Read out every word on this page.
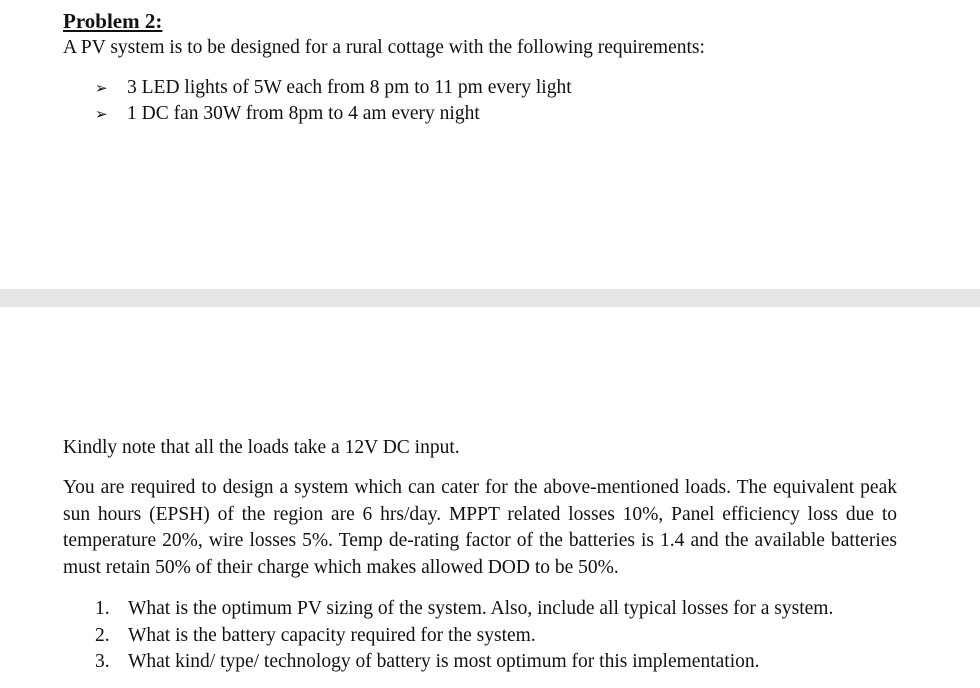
Problem 2:

A PV system is to be designed for a rural cottage with the following requirements:

➢ 3 LED lights of 5W each from 8 pm to 11 pm every light
➢ 1 DC fan 30W from 8pm to 4 am every night

Kindly note that all the loads take a 12V DC input.

You are required to design a system which can cater for the above-mentioned loads. The equivalent peak sun hours (EPSH) of the region are 6 hrs/day. MPPT related losses 10%, Panel efficiency loss due to temperature 20%, wire losses 5%. Temp de-rating factor of the batteries is 1.4 and the available batteries must retain 50% of their charge which makes allowed DOD to be 50%.

1. What is the optimum PV sizing of the system. Also, include all typical losses for a system.
2. What is the battery capacity required for the system.
3. What kind/ type/ technology of battery is most optimum for this implementation.
